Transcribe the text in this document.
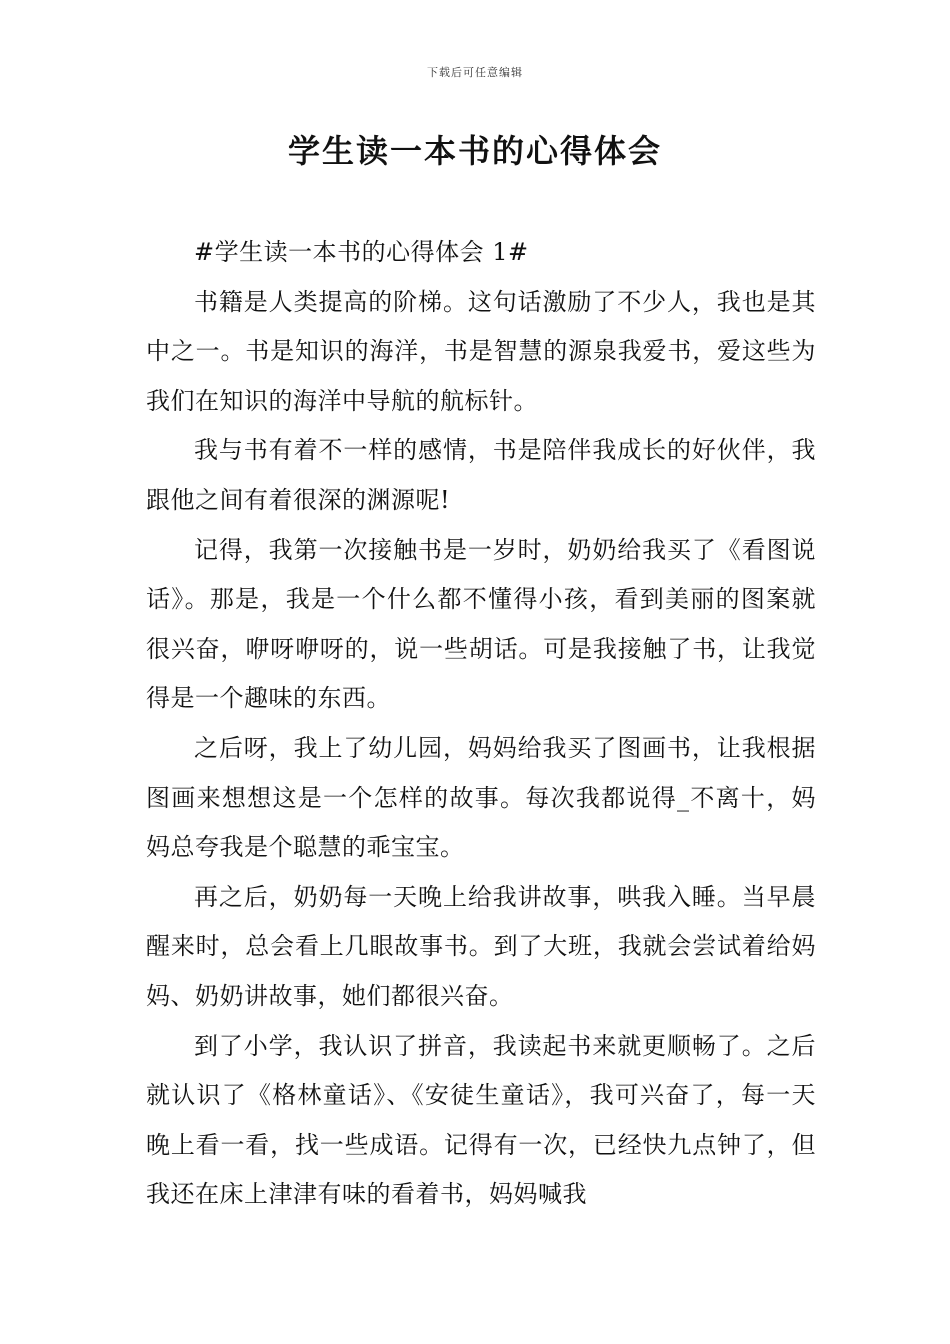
下载后可任意编辑
学生读一本书的心得体会

#学生读一本书的心得体会 1#

书籍是人类提高的阶梯。这句话激励了不少人，我也是其中之一。书是知识的海洋，书是智慧的源泉我爱书，爱这些为我们在知识的海洋中导航的航标针。

我与书有着不一样的感情，书是陪伴我成长的好伙伴，我跟他之间有着很深的渊源呢!

记得，我第一次接触书是一岁时，奶奶给我买了《看图说话》。那是，我是一个什么都不懂得小孩，看到美丽的图案就很兴奋，咿呀咿呀的，说一些胡话。可是我接触了书，让我觉得是一个趣味的东西。

之后呀，我上了幼儿园，妈妈给我买了图画书，让我根据图画来想想这是一个怎样的故事。每次我都说得_不离十，妈妈总夸我是个聪慧的乖宝宝。

再之后，奶奶每一天晚上给我讲故事，哄我入睡。当早晨醒来时，总会看上几眼故事书。到了大班，我就会尝试着给妈妈、奶奶讲故事，她们都很兴奋。

到了小学，我认识了拼音，我读起书来就更顺畅了。之后就认识了《格林童话》、《安徒生童话》，我可兴奋了，每一天晚上看一看，找一些成语。记得有一次，已经快九点钟了，但我还在床上津津有味的看着书，妈妈喊我
